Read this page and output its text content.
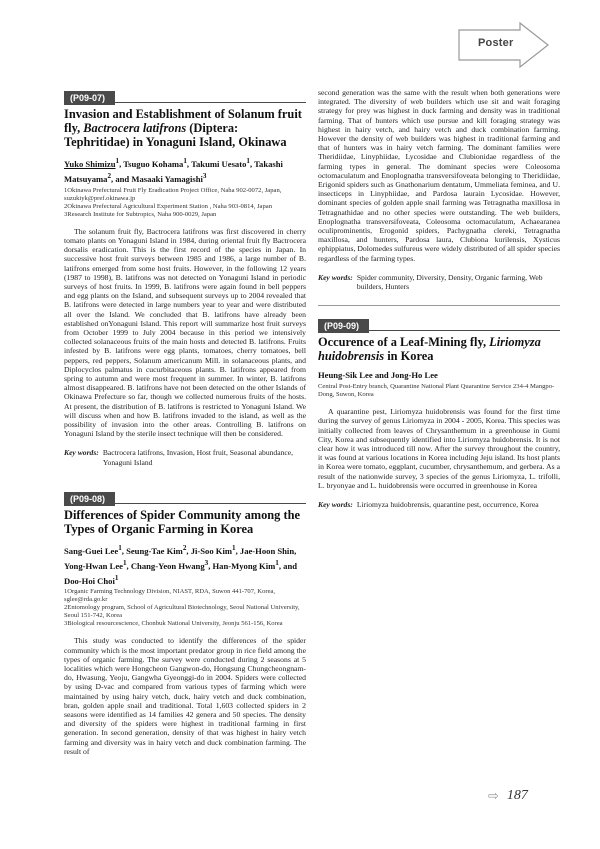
Poster
(P09-07)
Invasion and Establishment of Solanum fruit fly, Bactrocera latifrons (Diptera: Tephritidae) in Yonaguni Island, Okinawa
Yuko Shimizu$^1$, Tsuguo Kohama$^1$, Takumi Uesato$^1$, Takashi Matsuyama$^2$, and Masaaki Yamagishi$^3$
1Okinawa Prefectural Fruit Fly Eradication Project Office, Naha 902-0072, Japan, suzukiyk@pref.okinawa.jp
2Okinawa Prefectural Agricultural Experiment Station , Naha 903-0814, Japan
3Research Institute for Subtropics, Naha 900-0029, Japan

The solanum fruit fly, Bactrocera latifrons was first discovered in cherry tomato plants on Yonaguni Island in 1984, during oriental fruit fly Bactrocera dorsalis eradication. This is the first record of the species in Japan. In successive host fruit surveys between 1985 and 1986, a large number of B. latifrons emerged from some host fruits. However, in the following 12 years (1987 to 1998), B. latifrons was not detected on Yonaguni Island in periodic surveys of host fruits. In 1999, B. latifrons were again found in bell peppers and egg plants on the Island, and subsequent surveys up to 2004 revealed that B. latifrons were detected in large numbers year to year and were distributed all over the Island. We concluded that B. latifrons have already been established onYonaguni Island. This report will summarize host fruit surveys from October 1999 to July 2004 because in this period we intensively collected solanaceous fruits of the main hosts and detected B. latifrons. Fruits infested by B. latifrons were egg plants, tomatoes, cherry tomatoes, bell peppers, red peppers, Solanum americanum Mill. in solanaceous plants, and Diplocyclos palmatus in cucurbitaceous plants. B. latifrons appeared from spring to autumn and were most frequent in summer. In winter, B. latifrons almost disappeared. B. latifrons have not been detected on the other Islands of Okinawa Prefecture so far, though we collected numerous fruits of the hosts. At present, the distribution of B. latifrons is restricted to Yonaguni Island. We will discuss when and how B. latifrons invaded to the island, as well as the possibility of invasion into the other areas. Controlling B. latifrons on Yonaguni Island by the sterile insect technique will then be considered.

Key words: Bactrocera latifrons, Invasion, Host fruit, Seasonal abundance, Yonaguni Island
(P09-08)
Differences of Spider Community among the Types of Organic Farming in Korea
Sang-Guei Lee$^1$, Seung-Tae Kim$^2$, Ji-Soo Kim$^1$, Jae-Hoon Shin, Yong-Hwan Lee$^1$, Chang-Yeon Hwang$^3$, Han-Myong Kim$^1$, and Doo-Hoi Choi$^1$
1Organic Farming Technology Division, NIAST, RDA, Suwon 441-707, Korea, sglee@rda.go.kr
2Entomology program, School of Agricultural Biotechnology, Seoul National University, Seoul 151-742, Korea
3Biological resourcescience, Chonbuk National University, Jeonju 561-156, Korea

This study was conducted to identify the differences of the spider community which is the most important predator group in rice field among the types of organic farming. The survey were conducted during 2 seasons at 5 localities which were Hongcheon Gangwon-do, Hongsung Chungcheongnam-do, Hwasung, Yeoju, Gangwha Gyeonggi-do in 2004. Spiders were collected by using D-vac and compared from various types of farming which were maintained by using hairy vetch, duck, hairy vetch and duck combination, bran, golden apple snail and traditional. Total 1,603 collected spiders in 2 seasons were identified as 14 families 42 genera and 50 species. The density and diversity of the spiders were highest in traditional farming in first generation. In second generation, density of that was highest in hairy vetch farming and diversity was in hairy vetch and duck combination farming. The result of

second generation was the same with the result when both generations were integrated. The diversity of web builders which use sit and wait foraging strategy for prey was highest in duck farming and density was in traditional farming. That of hunters which use pursue and kill foraging strategy was highest in hairy vetch, and hairy vetch and duck combination farming. However the density of web builders was highest in traditional farming and that of hunters was in hairy vetch farming. The dominant families were Theridiidae, Linyphiidae, Lycosidae and Clubionidae regardless of the farming types in general. The dominant species were Coleosoma octomaculatum and Enoplognatha transversifoveata belonging to Theridiidae, Erigonid spiders such as Gnathonarium dentatum, Ummeliata feminea, and U. insecticeps in Linyphiidae, and Pardosa laurain Lycosidae. However, dominant species of golden apple snail farming was Tetragnatha maxillosa in Tetragnathidae and no other species were outstanding. The web builders, Enoplognatha transversifoveata, Coleosoma octomaculatum, Achaearanea oculiprominentis, Erogonid spiders, Pachygnatha clereki, Tetragnatha maxillosa, and hunters, Pardosa laura, Clubiona kurilensis, Xysticus ephippiatus, Dolomedes sulfureus were widely distributed of all spider species regardless of the farming types.

Key words: Spider community, Diversity, Density, Organic farming, Web builders, Hunters
(P09-09)
Occurence of a Leaf-Mining fly, Liriomyza huidobrensis in Korea
Heung-Sik Lee and Jong-Ho Lee
Central Post-Entry branch, Quarantine National Plant Quarantine Service 234-4 Mangpo-Dong, Suwon, Korea

A quarantine pest, Liriomyza huidobrensis was found for the first time during the survey of genus Liriomyza in 2004 - 2005, Korea. This species was initially collected from leaves of Chrysanthemum in a greenhouse in Gumi City, Korea and subsequently identified into Liriomyza huidobrensis. It is not clear how it was introduced till now. After the survey throughout the country, it was found at various locations in Korea including Jeju island. Its host plants in Korea were tomato, eggplant, cucumber, chrysanthemum, and gerbera. As a result of the nationwide survey, 3 species of the genus Liriomyza, L. trifolli, L. bryonyae and L. huidobrensis were occurred in greenhouse in Korea

Key words: Liriomyza huidobrensis, quarantine pest, occurrence, Korea
⇨ 187
